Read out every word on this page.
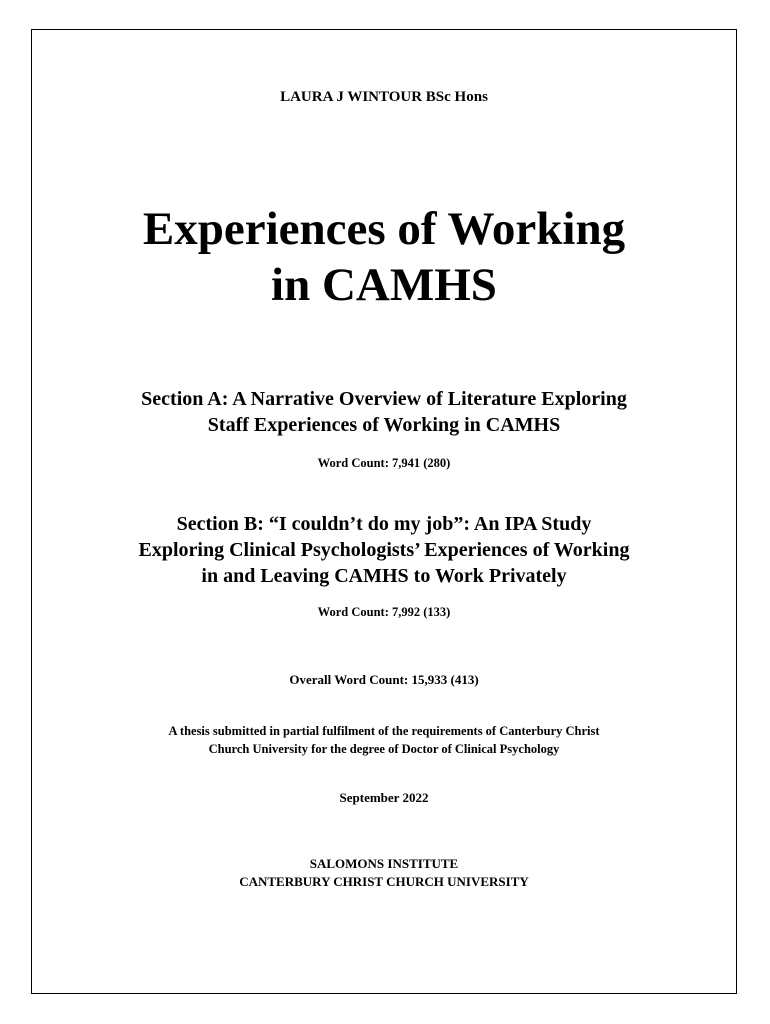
LAURA J WINTOUR BSc Hons

Experiences of Working
in CAMHS
Section A: A Narrative Overview of Literature Exploring
Staff Experiences of Working in CAMHS

Word Count: 7,941 (280)

Section B: “I couldn’t do my job”: An IPA Study
Exploring Clinical Psychologists’ Experiences of Working
in and Leaving CAMHS to Work Privately

Word Count: 7,992 (133)

Overall Word Count: 15,933 (413)

A thesis submitted in partial fulfilment of the requirements of Canterbury Christ
Church University for the degree of Doctor of Clinical Psychology

September 2022

SALOMONS INSTITUTE
CANTERBURY CHRIST CHURCH UNIVERSITY
